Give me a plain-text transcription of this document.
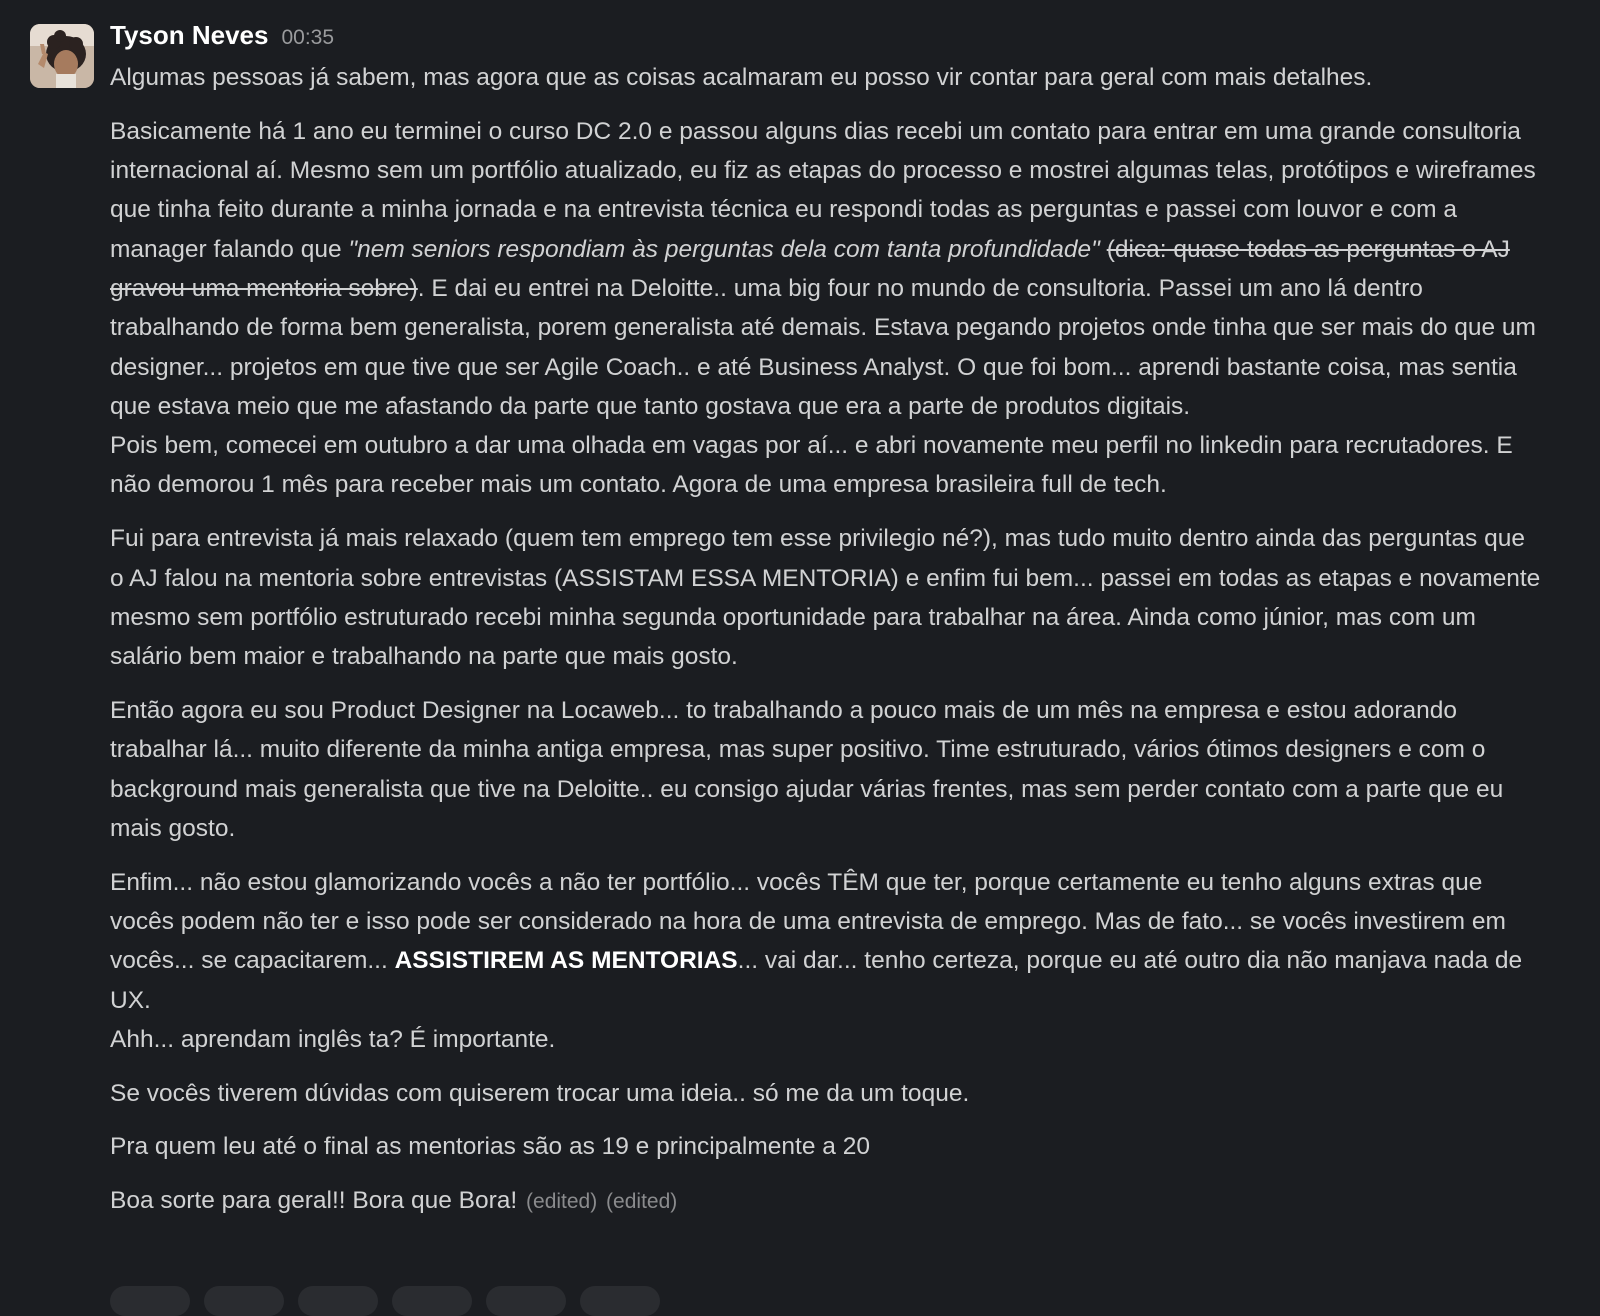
Tyson Neves 00:35

Algumas pessoas já sabem, mas agora que as coisas acalmaram eu posso vir contar para geral com mais detalhes.

Basicamente há 1 ano eu terminei o curso DC 2.0 e passou alguns dias recebi um contato para entrar em uma grande consultoria internacional aí. Mesmo sem um portfólio atualizado, eu fiz as etapas do processo e mostrei algumas telas, protótipos e wireframes que tinha feito durante a minha jornada e na entrevista técnica eu respondi todas as perguntas e passei com louvor e com a manager falando que "nem seniors respondiam às perguntas dela com tanta profundidade" (dica: quase todas as perguntas o AJ gravou uma mentoria sobre). E dai eu entrei na Deloitte.. uma big four no mundo de consultoria. Passei um ano lá dentro trabalhando de forma bem generalista, porem generalista até demais. Estava pegando projetos onde tinha que ser mais do que um designer... projetos em que tive que ser Agile Coach.. e até Business Analyst. O que foi bom... aprendi bastante coisa, mas sentia que estava meio que me afastando da parte que tanto gostava que era a parte de produtos digitais.
Pois bem, comecei em outubro a dar uma olhada em vagas por aí... e abri novamente meu perfil no linkedin para recrutadores. E não demorou 1 mês para receber mais um contato. Agora de uma empresa brasileira full de tech.

Fui para entrevista já mais relaxado (quem tem emprego tem esse privilegio né?), mas tudo muito dentro ainda das perguntas que o AJ falou na mentoria sobre entrevistas (ASSISTAM ESSA MENTORIA) e enfim fui bem... passei em todas as etapas e novamente mesmo sem portfólio estruturado recebi minha segunda oportunidade para trabalhar na área. Ainda como júnior, mas com um salário bem maior e trabalhando na parte que mais gosto.

Então agora eu sou Product Designer na Locaweb... to trabalhando a pouco mais de um mês na empresa e estou adorando trabalhar lá... muito diferente da minha antiga empresa, mas super positivo. Time estruturado, vários ótimos designers e com o background mais generalista que tive na Deloitte.. eu consigo ajudar várias frentes, mas sem perder contato com a parte que eu mais gosto.

Enfim... não estou glamorizando vocês a não ter portfólio... vocês TÊM que ter, porque certamente eu tenho alguns extras que vocês podem não ter e isso pode ser considerado na hora de uma entrevista de emprego. Mas de fato... se vocês investirem em vocês... se capacitarem... ASSISTIREM AS MENTORIAS... vai dar... tenho certeza, porque eu até outro dia não manjava nada de UX.
Ahh... aprendam inglês ta? É importante.

Se vocês tiverem dúvidas com quiserem trocar uma ideia.. só me da um toque.

Pra quem leu até o final as mentorias são as 19 e principalmente a 20

Boa sorte para geral!! Bora que Bora! (edited) (edited)
